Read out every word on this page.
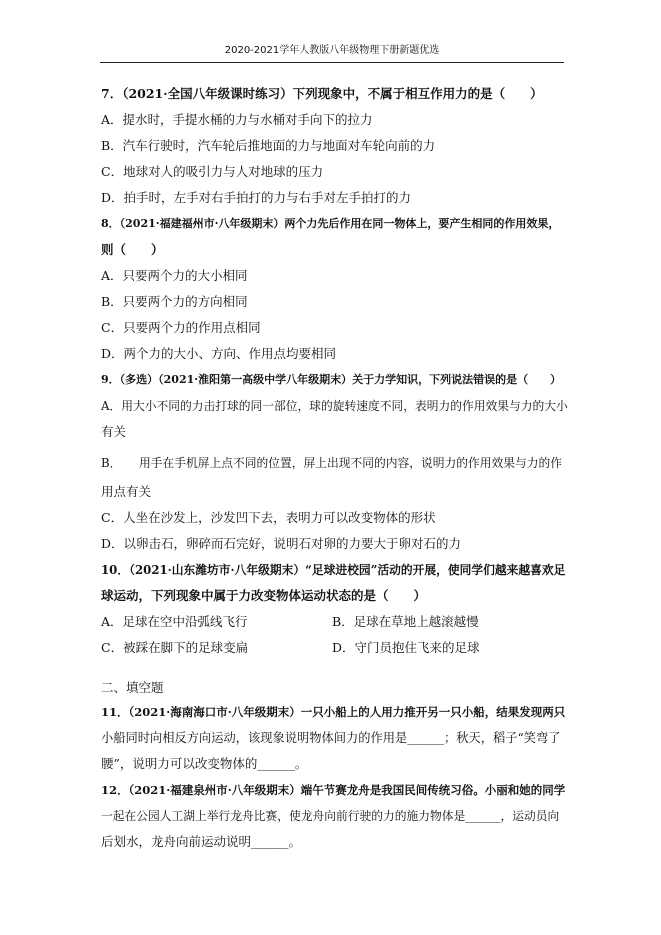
2020-2021学年人教版八年级物理下册新题优选
7．（2021·全国八年级课时练习）下列现象中，不属于相互作用力的是（　　）
A．提水时，手提水桶的力与水桶对手向下的拉力
B．汽车行驶时，汽车轮后推地面的力与地面对车轮向前的力
C．地球对人的吸引力与人对地球的压力
D．拍手时，左手对右手拍打的力与右手对左手拍打的力
8．（2021·福建福州市·八年级期末）两个力先后作用在同一物体上，要产生相同的作用效果，
则（　　）
A．只要两个力的大小相同
B．只要两个力的方向相同
C．只要两个力的作用点相同
D．两个力的大小、方向、作用点均要相同
9．（多选）（2021·淮阳第一高级中学八年级期末）关于力学知识，下列说法错误的是（　　）
A．用大小不同的力击打球的同一部位，球的旋转速度不同，表明力的作用效果与力的大小
有关
B．　　用手在手机屏上点不同的位置，屏上出现不同的内容，说明力的作用效果与力的作
用点有关
C．人坐在沙发上，沙发凹下去，表明力可以改变物体的形状
D．以卵击石，卵碎而石完好，说明石对卵的力要大于卵对石的力
10．（2021·山东潍坊市·八年级期末）“足球进校园”活动的开展，使同学们越来越喜欢足
球运动，下列现象中属于力改变物体运动状态的是（　　）
A．足球在空中沿弧线飞行	B．足球在草地上越滚越慢
C．被踩在脚下的足球变扁	D．守门员抱住飞来的足球
二、填空题
11．（2021·海南海口市·八年级期末）一只小船上的人用力推开另一只小船，结果发现两只
小船同时向相反方向运动，该现象说明物体间力的作用是______；秋天，稻子“笑弯了
腰”，说明力可以改变物体的______。
12．（2021·福建泉州市·八年级期末）端午节赛龙舟是我国民间传统习俗。小丽和她的同学
一起在公园人工湖上举行龙舟比赛，使龙舟向前行驶的力的施力物体是______，运动员向
后划水，龙舟向前运动说明______。
